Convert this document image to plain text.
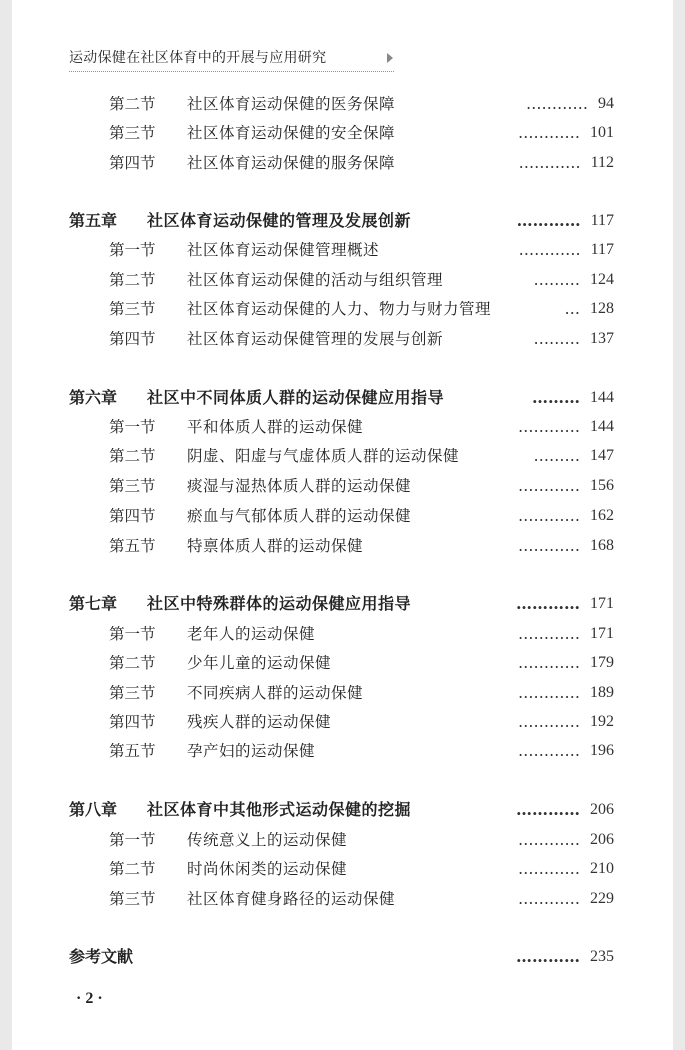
运动保健在社区体育中的开展与应用研究
第二节 社区体育运动保健的医务保障	………… 94
第三节 社区体育运动保健的安全保障	………… 101
第四节 社区体育运动保健的服务保障	………… 112
第五章 社区体育运动保健的管理及发展创新	………… 117
第一节 社区体育运动保健管理概述	………… 117
第二节 社区体育运动保健的活动与组织管理	……… 124
第三节 社区体育运动保健的人力、物力与财力管理	… 128
第四节 社区体育运动保健管理的发展与创新	……… 137
第六章 社区中不同体质人群的运动保健应用指导	……… 144
第一节 平和体质人群的运动保健	………… 144
第二节 阴虚、阳虚与气虚体质人群的运动保健	……… 147
第三节 痰湿与湿热体质人群的运动保健	………… 156
第四节 瘀血与气郁体质人群的运动保健	………… 162
第五节 特禀体质人群的运动保健	………… 168
第七章 社区中特殊群体的运动保健应用指导	………… 171
第一节 老年人的运动保健	………… 171
第二节 少年儿童的运动保健	………… 179
第三节 不同疾病人群的运动保健	………… 189
第四节 残疾人群的运动保健	………… 192
第五节 孕产妇的运动保健	………… 196
第八章 社区体育中其他形式运动保健的挖掘	………… 206
第一节 传统意义上的运动保健	………… 206
第二节 时尚休闲类的运动保健	………… 210
第三节 社区体育健身路径的运动保健	………… 229
参考文献	………… 235
·2·
